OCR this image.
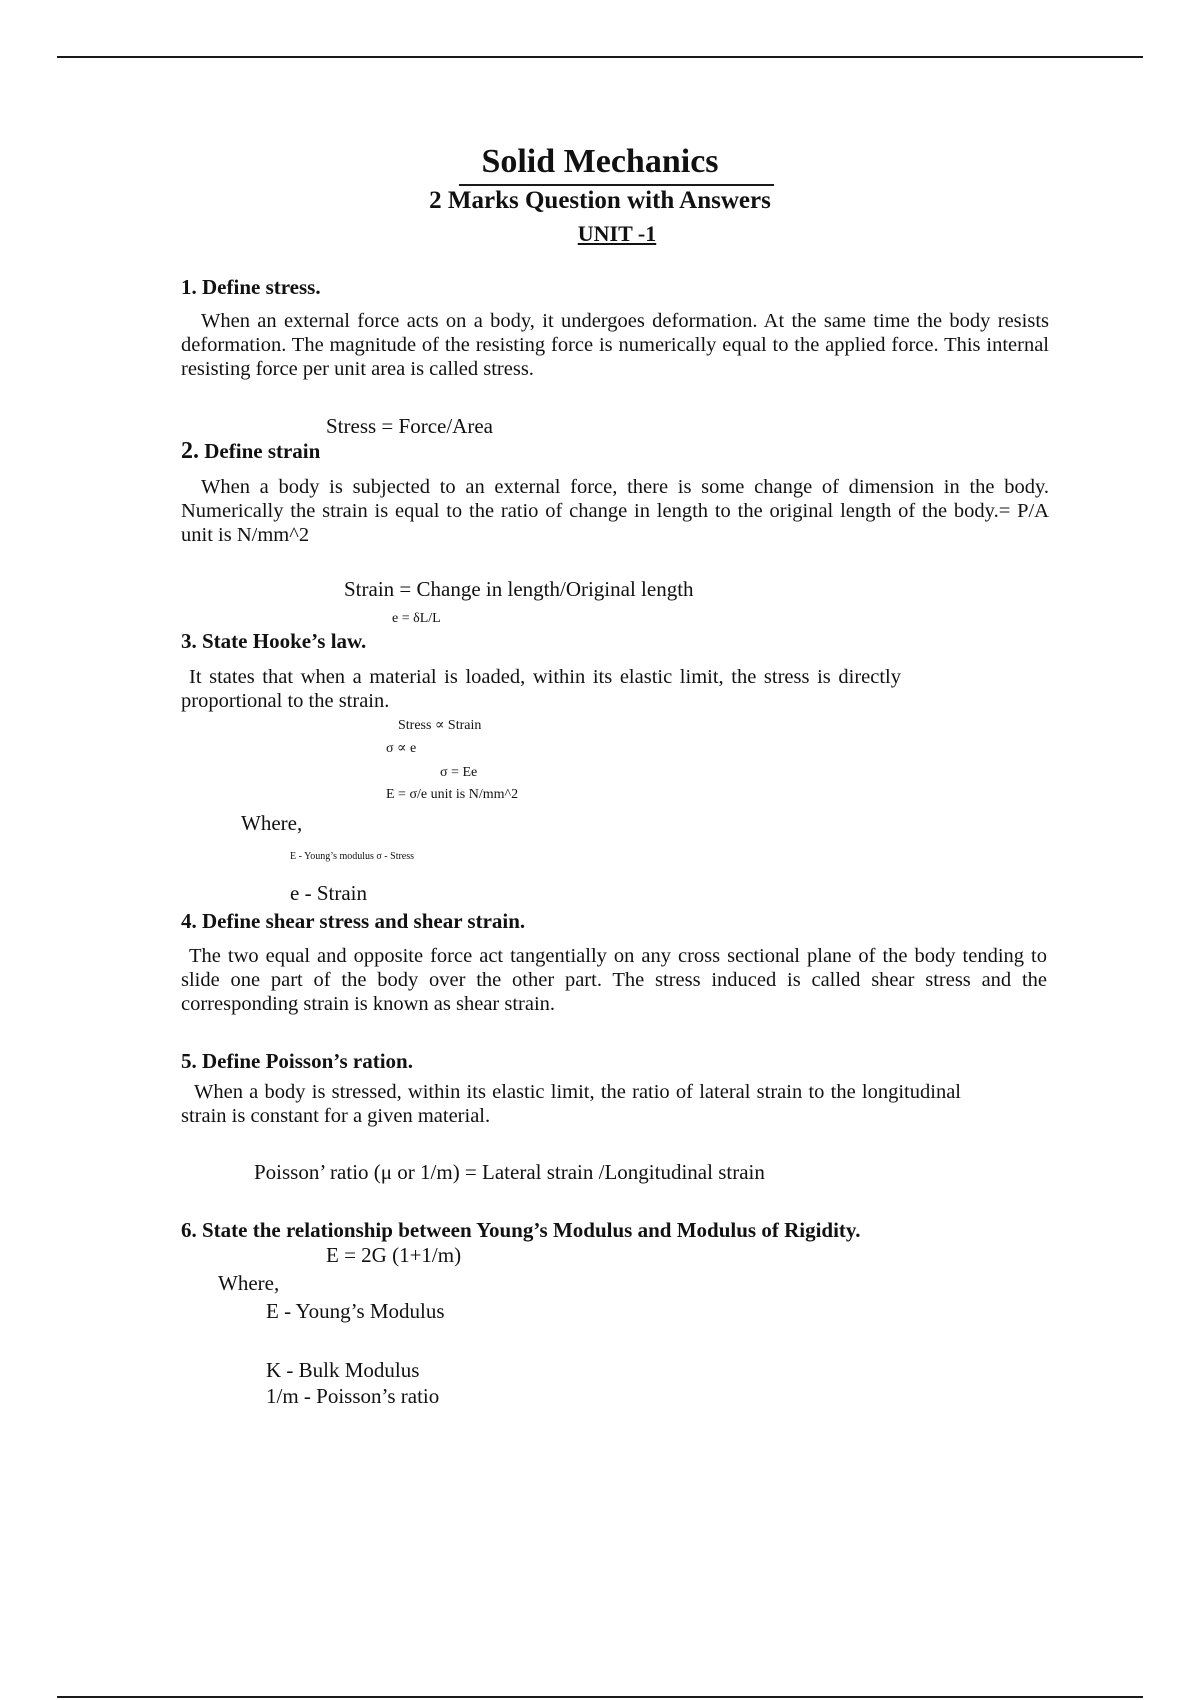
Solid Mechanics
2 Marks Question with Answers
UNIT -1
1. Define stress.
When an external force acts on a body, it undergoes deformation. At the same time the body resists deformation. The magnitude of the resisting force is numerically equal to the applied force. This internal resisting force per unit area is called stress.
Stress = Force/Area
2. Define strain
When a body is subjected to an external force, there is some change of dimension in the body. Numerically the strain is equal to the ratio of change in length to the original length of the body.= P/A unit is N/mm^2
Strain = Change in length/Original length
e = δL/L
3. State Hooke’s law.
It states that when a material is loaded, within its elastic limit, the stress is directly proportional to the strain.
Stress ∝ Strain
σ ∝ e
σ = Ee
E = σ/e unit is N/mm^2
Where,
E - Young’s modulus σ - Stress
e - Strain
4. Define shear stress and shear strain.
The two equal and opposite force act tangentially on any cross sectional plane of the body tending to slide one part of the body over the other part. The stress induced is called shear stress and the corresponding strain is known as shear strain.
5. Define Poisson’s ration.
When a body is stressed, within its elastic limit, the ratio of lateral strain to the longitudinal strain is constant for a given material.
Poisson’ ratio (μ or 1/m) = Lateral strain /Longitudinal strain
6. State the relationship between Young’s Modulus and Modulus of Rigidity.
E = 2G (1+1/m)
Where,
E - Young’s Modulus
K - Bulk Modulus
1/m - Poisson’s ratio
